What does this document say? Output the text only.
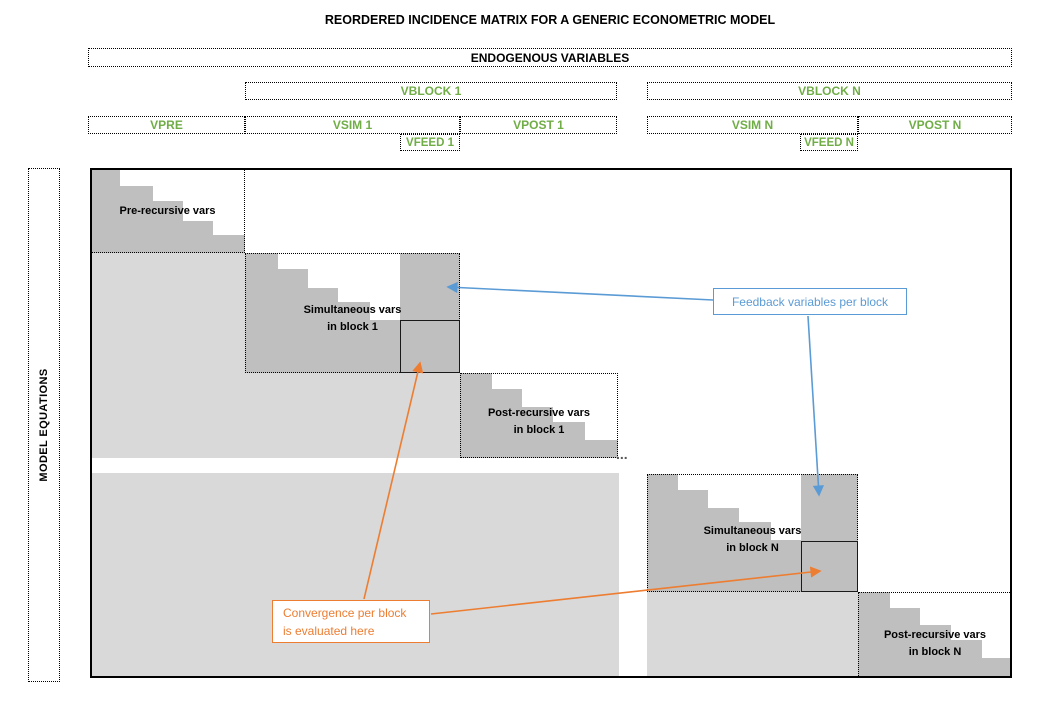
REORDERED INCIDENCE MATRIX FOR A GENERIC ECONOMETRIC MODEL
ENDOGENOUS VARIABLES
VBLOCK 1	VBLOCK N
VPRE	VSIM 1	VPOST 1	VSIM N	VPOST N
VFEED 1	VFEED N
MODEL EQUATIONS
Pre-recursive vars
Simultaneous vars
in block 1
Post-recursive vars
in block 1
Simultaneous vars
in block N
Post-recursive vars
in block N
...
Feedback variables per block
Convergence per block
is evaluated here
